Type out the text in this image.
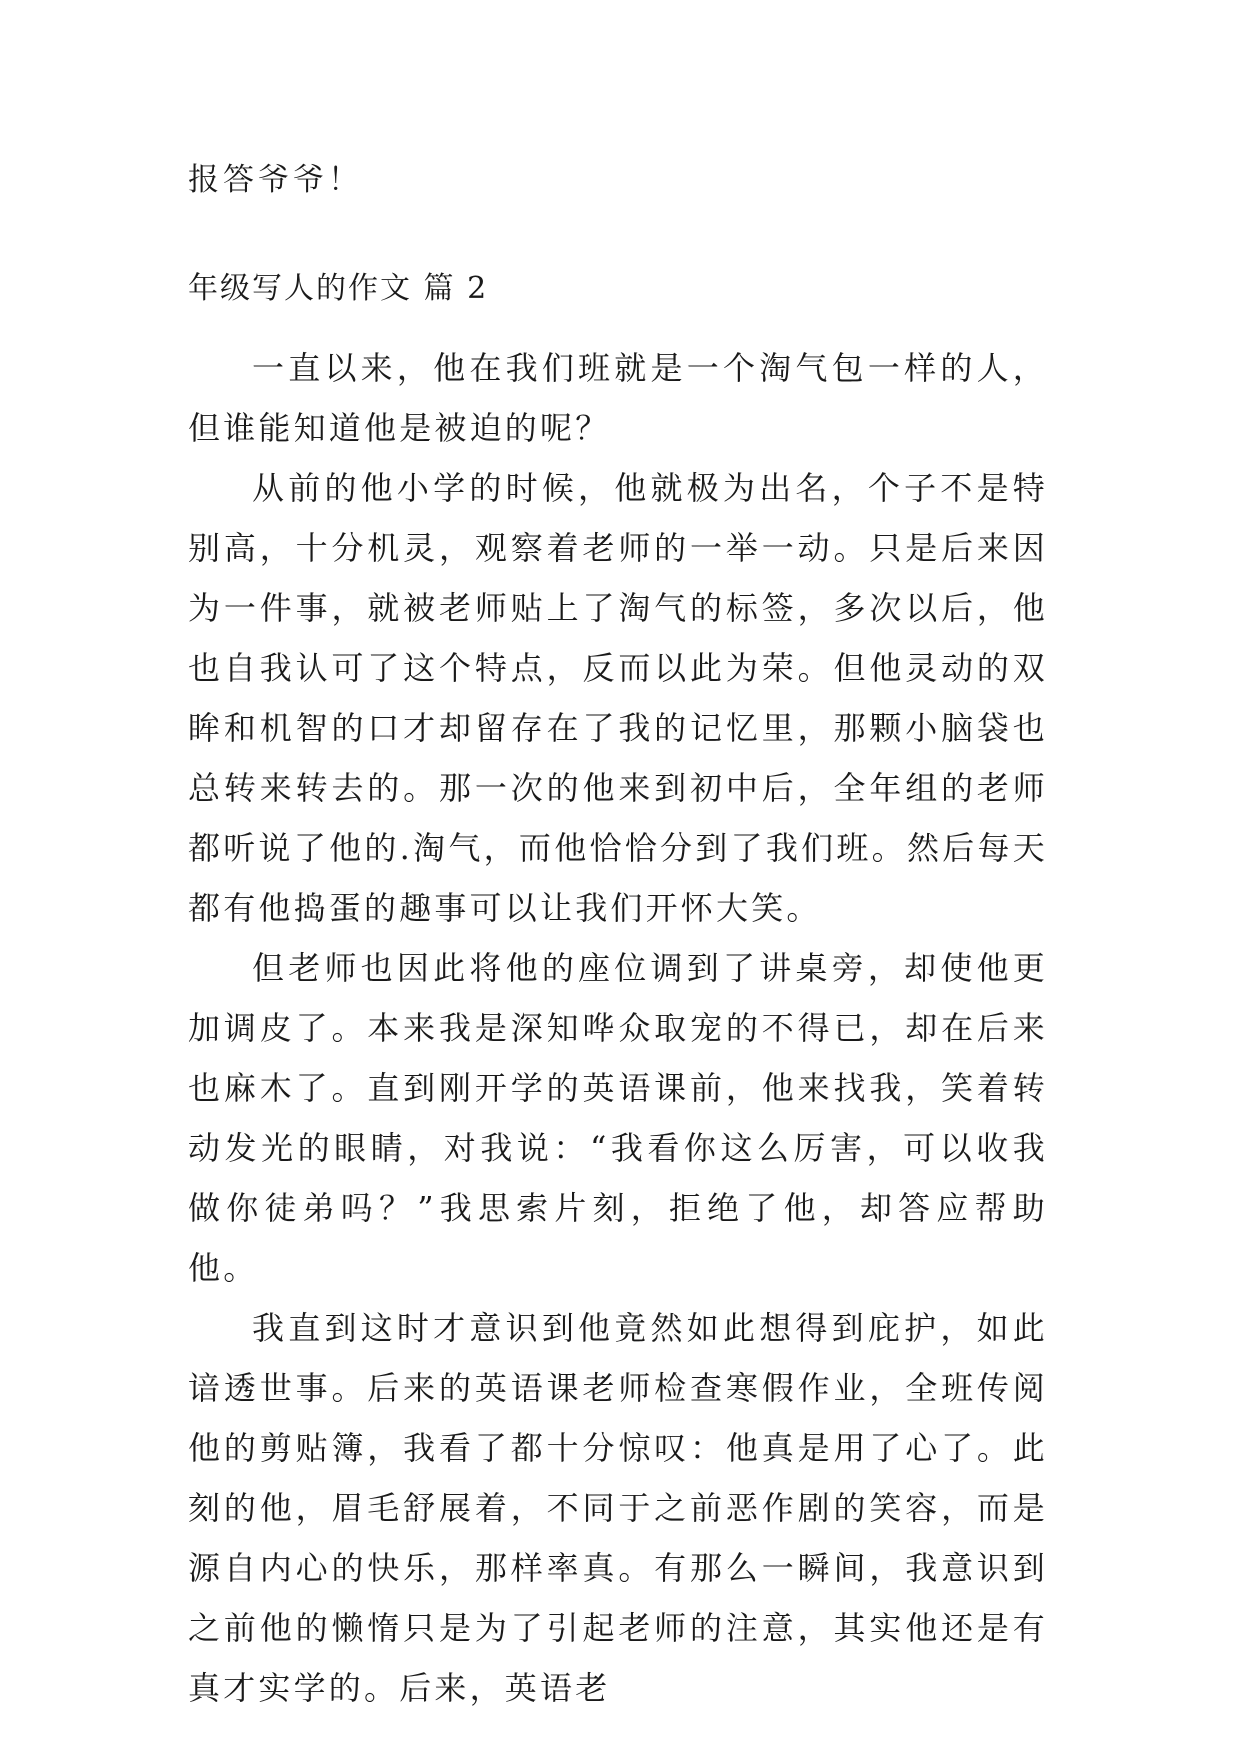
报答爷爷！
年级写人的作文 篇 2

一直以来，他在我们班就是一个淘气包一样的人，但谁能知道他是被迫的呢？

从前的他小学的时候，他就极为出名，个子不是特别高，十分机灵，观察着老师的一举一动。只是后来因为一件事，就被老师贴上了淘气的标签，多次以后，他也自我认可了这个特点，反而以此为荣。但他灵动的双眸和机智的口才却留存在了我的记忆里，那颗小脑袋也总转来转去的。那一次的他来到初中后，全年组的老师都听说了他的.淘气，而他恰恰分到了我们班。然后每天都有他捣蛋的趣事可以让我们开怀大笑。

但老师也因此将他的座位调到了讲桌旁，却使他更加调皮了。本来我是深知哗众取宠的不得已，却在后来也麻木了。直到刚开学的英语课前，他来找我，笑着转动发光的眼睛，对我说：“我看你这么厉害，可以收我做你徒弟吗？”我思索片刻，拒绝了他，却答应帮助他。

我直到这时才意识到他竟然如此想得到庇护，如此谙透世事。后来的英语课老师检查寒假作业，全班传阅他的剪贴簿，我看了都十分惊叹：他真是用了心了。此刻的他，眉毛舒展着，不同于之前恶作剧的笑容，而是源自内心的快乐，那样率真。有那么一瞬间，我意识到之前他的懒惰只是为了引起老师的注意，其实他还是有真才实学的。后来，英语老
